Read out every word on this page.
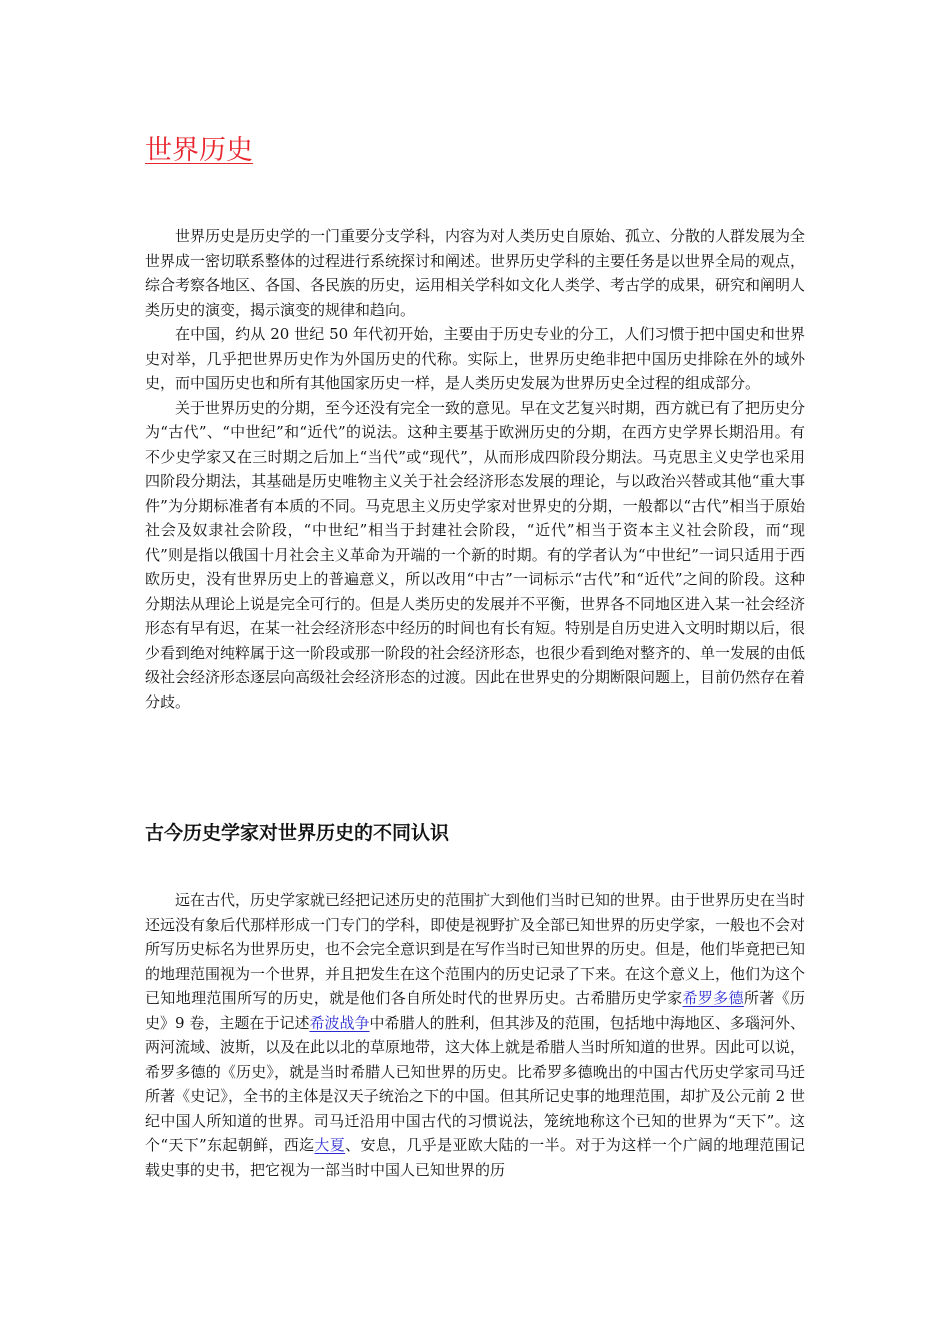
世界历史

世界历史是历史学的一门重要分支学科，内容为对人类历史自原始、孤立、分散的人群发展为全世界成一密切联系整体的过程进行系统探讨和阐述。世界历史学科的主要任务是以世界全局的观点，综合考察各地区、各国、各民族的历史，运用相关学科如文化人类学、考古学的成果，研究和阐明人类历史的演变，揭示演变的规律和趋向。

在中国，约从 20 世纪 50 年代初开始，主要由于历史专业的分工，人们习惯于把中国史和世界史对举，几乎把世界历史作为外国历史的代称。实际上，世界历史绝非把中国历史排除在外的域外史，而中国历史也和所有其他国家历史一样，是人类历史发展为世界历史全过程的组成部分。

关于世界历史的分期，至今还没有完全一致的意见。早在文艺复兴时期，西方就已有了把历史分为“古代”、“中世纪”和“近代”的说法。这种主要基于欧洲历史的分期，在西方史学界长期沿用。有不少史学家又在三时期之后加上“当代”或“现代”，从而形成四阶段分期法。马克思主义史学也采用四阶段分期法，其基础是历史唯物主义关于社会经济形态发展的理论，与以政治兴替或其他“重大事件”为分期标准者有本质的不同。马克思主义历史学家对世界史的分期，一般都以“古代”相当于原始社会及奴隶社会阶段，“中世纪”相当于封建社会阶段，“近代”相当于资本主义社会阶段，而“现代”则是指以俄国十月社会主义革命为开端的一个新的时期。有的学者认为“中世纪”一词只适用于西欧历史，没有世界历史上的普遍意义，所以改用“中古”一词标示“古代”和“近代”之间的阶段。这种分期法从理论上说是完全可行的。但是人类历史的发展并不平衡，世界各不同地区进入某一社会经济形态有早有迟，在某一社会经济形态中经历的时间也有长有短。特别是自历史进入文明时期以后，很少看到绝对纯粹属于这一阶段或那一阶段的社会经济形态，也很少看到绝对整齐的、单一发展的由低级社会经济形态逐层向高级社会经济形态的过渡。因此在世界史的分期断限问题上，目前仍然存在着分歧。

古今历史学家对世界历史的不同认识

远在古代，历史学家就已经把记述历史的范围扩大到他们当时已知的世界。由于世界历史在当时还远没有象后代那样形成一门专门的学科，即使是视野扩及全部已知世界的历史学家，一般也不会对所写历史标名为世界历史，也不会完全意识到是在写作当时已知世界的历史。但是，他们毕竟把已知的地理范围视为一个世界，并且把发生在这个范围内的历史记录了下来。在这个意义上，他们为这个已知地理范围所写的历史，就是他们各自所处时代的世界历史。古希腊历史学家希罗多德所著《历史》9 卷，主题在于记述希波战争中希腊人的胜利，但其涉及的范围，包括地中海地区、多瑙河外、两河流域、波斯，以及在此以北的草原地带，这大体上就是希腊人当时所知道的世界。因此可以说，希罗多德的《历史》，就是当时希腊人已知世界的历史。比希罗多德晚出的中国古代历史学家司马迁所著《史记》，全书的主体是汉天子统治之下的中国。但其所记史事的地理范围，却扩及公元前 2 世纪中国人所知道的世界。司马迁沿用中国古代的习惯说法，笼统地称这个已知的世界为“天下”。这个“天下”东起朝鲜，西迄大夏、安息，几乎是亚欧大陆的一半。对于为这样一个广阔的地理范围记载史事的史书，把它视为一部当时中国人已知世界的历
